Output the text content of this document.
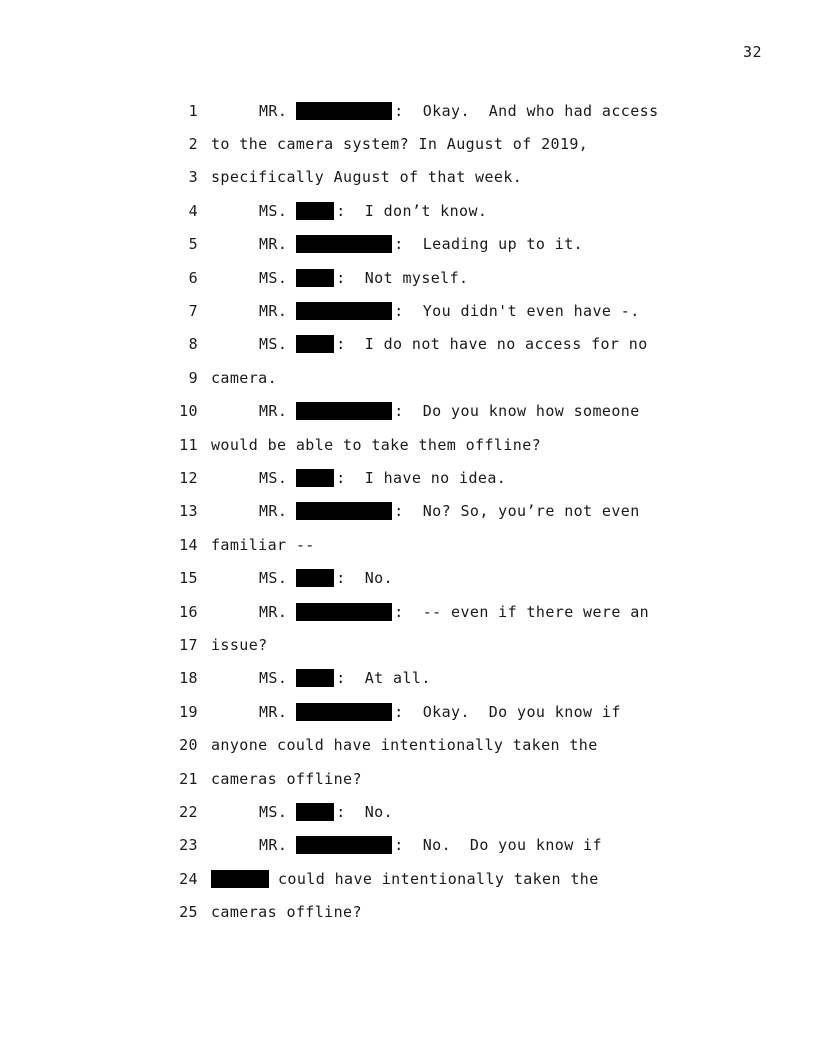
32
1	MR.	: Okay.  And who had access
2 to the camera system? In August of 2019,
3 specifically August of that week.
4	MS.	: I don’t know.
5	MR.	: Leading up to it.
6	MS.	: Not myself.
7	MR.	: You didn't even have -.
8	MS.	: I do not have no access for no
9 camera.
10	MR.	: Do you know how someone
11 would be able to take them offline?
12	MS.	: I have no idea.
13	MR.	: No? So, you’re not even
14 familiar --
15	MS.	: No.
16	MR.	: -- even if there were an
17 issue?
18	MS.	: At all.
19	MR.	: Okay.  Do you know if
20 anyone could have intentionally taken the
21 cameras offline?
22	MS.	: No.
23	MR.	: No.  Do you know if
24	could have intentionally taken the
25 cameras offline?
